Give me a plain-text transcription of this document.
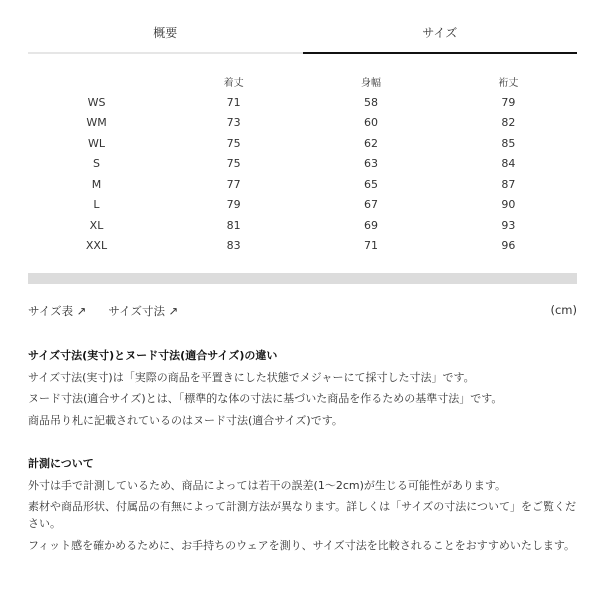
概要	サイズ
	着丈	身幅	裄丈
WS	71	58	79
WM	73	60	82
WL	75	62	85
S	75	63	84
M	77	65	87
L	79	67	90
XL	81	69	93
XXL	83	71	96
サイズ表 ↗ サイズ寸法 ↗	(cm)
サイズ寸法(実寸)とヌード寸法(適合サイズ)の違い

サイズ寸法(実寸)は「実際の商品を平置きにした状態でメジャーにて採寸した寸法」です。

ヌード寸法(適合サイズ)とは、「標準的な体の寸法に基づいた商品を作るための基準寸法」です。

商品吊り札に記載されているのはヌード寸法(適合サイズ)です。

計測について

外寸は手で計測しているため、商品によっては若干の誤差(1〜2cm)が生じる可能性があります。

素材や商品形状、付属品の有無によって計測方法が異なります。詳しくは「サイズの寸法について」をご覧ください。

フィット感を確かめるために、お手持ちのウェアを測り、サイズ寸法を比較されることをおすすめいたします。
